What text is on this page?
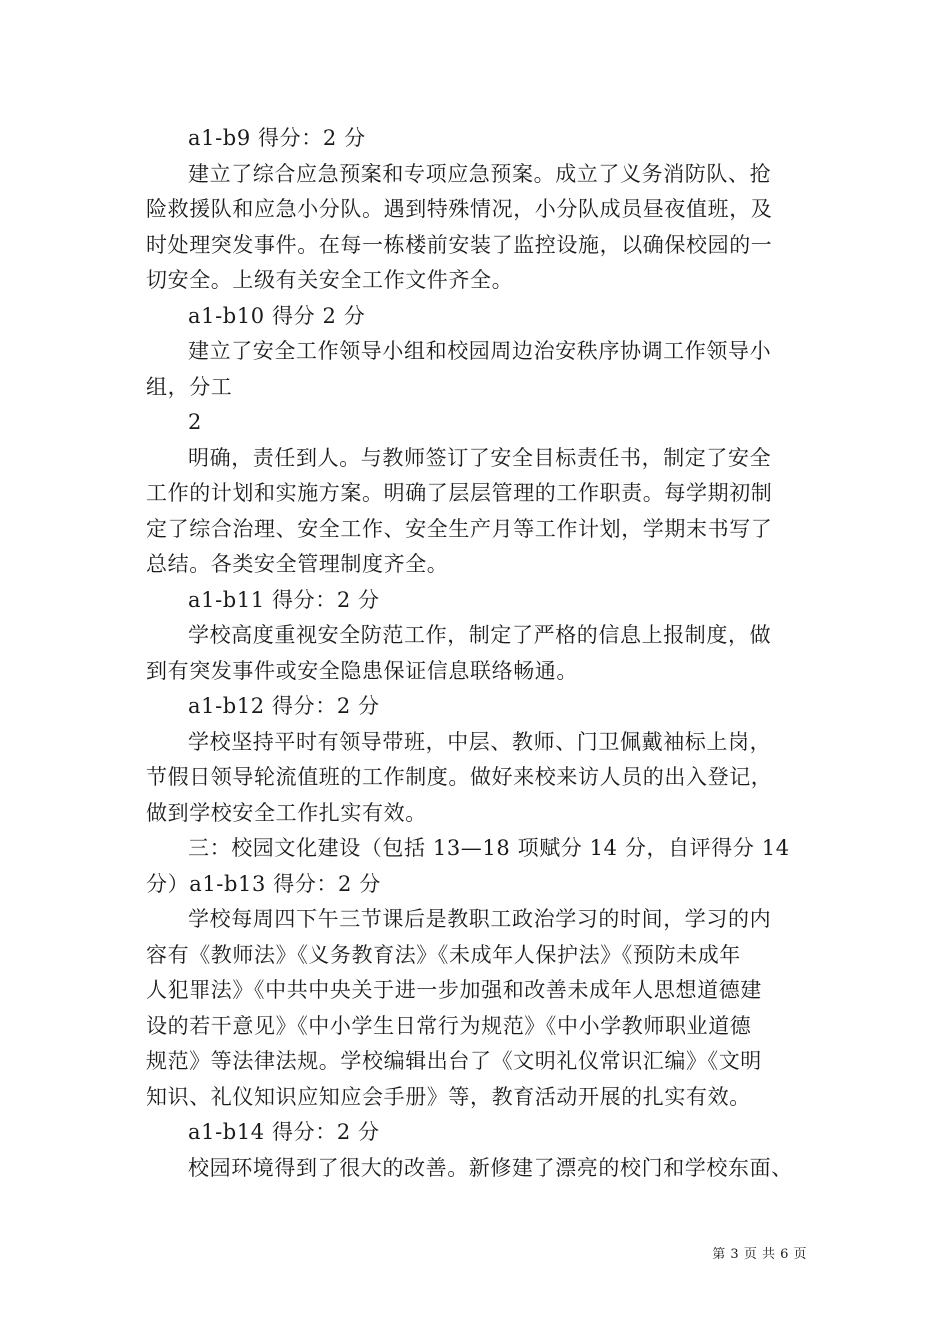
a1-b9 得分：2 分
建立了综合应急预案和专项应急预案。成立了义务消防队、抢
险救援队和应急小分队。遇到特殊情况，小分队成员昼夜值班，及
时处理突发事件。在每一栋楼前安装了监控设施，以确保校园的一
切安全。上级有关安全工作文件齐全。
a1-b10 得分 2 分
建立了安全工作领导小组和校园周边治安秩序协调工作领导小
组，分工
2
明确，责任到人。与教师签订了安全目标责任书，制定了安全
工作的计划和实施方案。明确了层层管理的工作职责。每学期初制
定了综合治理、安全工作、安全生产月等工作计划，学期末书写了
总结。各类安全管理制度齐全。
a1-b11 得分：2 分
学校高度重视安全防范工作，制定了严格的信息上报制度，做
到有突发事件或安全隐患保证信息联络畅通。
a1-b12 得分：2 分
学校坚持平时有领导带班，中层、教师、门卫佩戴袖标上岗，
节假日领导轮流值班的工作制度。做好来校来访人员的出入登记，
做到学校安全工作扎实有效。
三：校园文化建设（包括 13—18 项赋分 14 分，自评得分 14
分）a1-b13 得分：2 分
学校每周四下午三节课后是教职工政治学习的时间，学习的内
容有《教师法》《义务教育法》《未成年人保护法》《预防未成年
人犯罪法》《中共中央关于进一步加强和改善未成年人思想道德建
设的若干意见》《中小学生日常行为规范》《中小学教师职业道德
规范》等法律法规。学校编辑出台了《文明礼仪常识汇编》《文明
知识、礼仪知识应知应会手册》等，教育活动开展的扎实有效。
a1-b14 得分：2 分
校园环境得到了很大的改善。新修建了漂亮的校门和学校东面、
第 3 页 共 6 页
